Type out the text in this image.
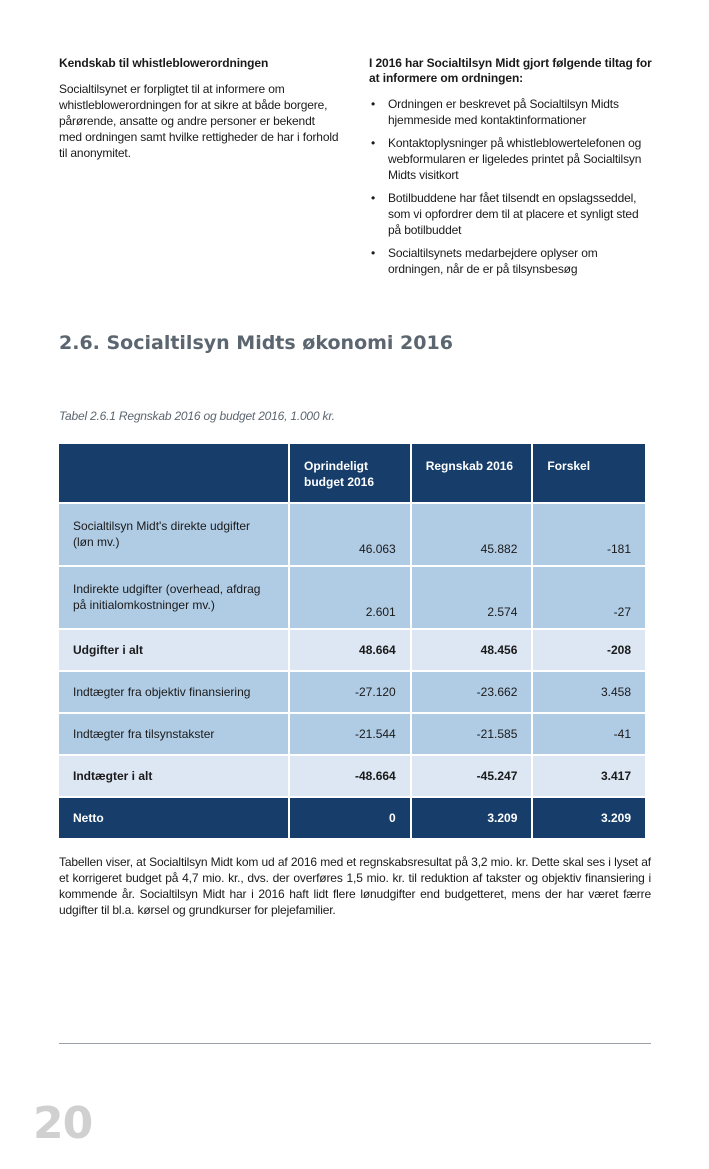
Kendskab til whistleblowerordningen

Socialtilsynet er forpligtet til at informere om whistleblowerordningen for at sikre at både borgere, pårørende, ansatte og andre personer er bekendt med ordningen samt hvilke rettigheder de har i forhold til anonymitet.

I 2016 har Socialtilsyn Midt gjort følgende tiltag for at informere om ordningen:
• Ordningen er beskrevet på Socialtilsyn Midts hjemmeside med kontaktinformationer
• Kontaktoplysninger på whistleblowertelefonen og webformularen er ligeledes printet på Socialtilsyn Midts visitkort
• Botilbuddene har fået tilsendt en opslagsseddel, som vi opfordrer dem til at placere et synligt sted på botilbuddet
• Socialtilsynets medarbejdere oplyser om ordningen, når de er på tilsynsbesøg
2.6. Socialtilsyn Midts økonomi 2016
Tabel 2.6.1 Regnskab 2016 og budget 2016, 1.000 kr.
	Oprindeligt budget 2016	Regnskab 2016	Forskel
Socialtilsyn Midt's direkte udgifter (løn mv.)	46.063	45.882	-181
Indirekte udgifter (overhead, afdrag på initialomkostninger mv.)	2.601	2.574	-27
Udgifter i alt	48.664	48.456	-208
Indtægter fra objektiv finansiering	-27.120	-23.662	3.458
Indtægter fra tilsynstakster	-21.544	-21.585	-41
Indtægter i alt	-48.664	-45.247	3.417
Netto	0	3.209	3.209

Tabellen viser, at Socialtilsyn Midt kom ud af 2016 med et regnskabsresultat på 3,2 mio. kr. Dette skal ses i lyset af et korrigeret budget på 4,7 mio. kr., dvs. der overføres 1,5 mio. kr. til reduktion af takster og objektiv finansiering i kommende år. Socialtilsyn Midt har i 2016 haft lidt flere lønudgifter end budgetteret, mens der har været færre udgifter til bl.a. kørsel og grundkurser for plejefamilier.

20
